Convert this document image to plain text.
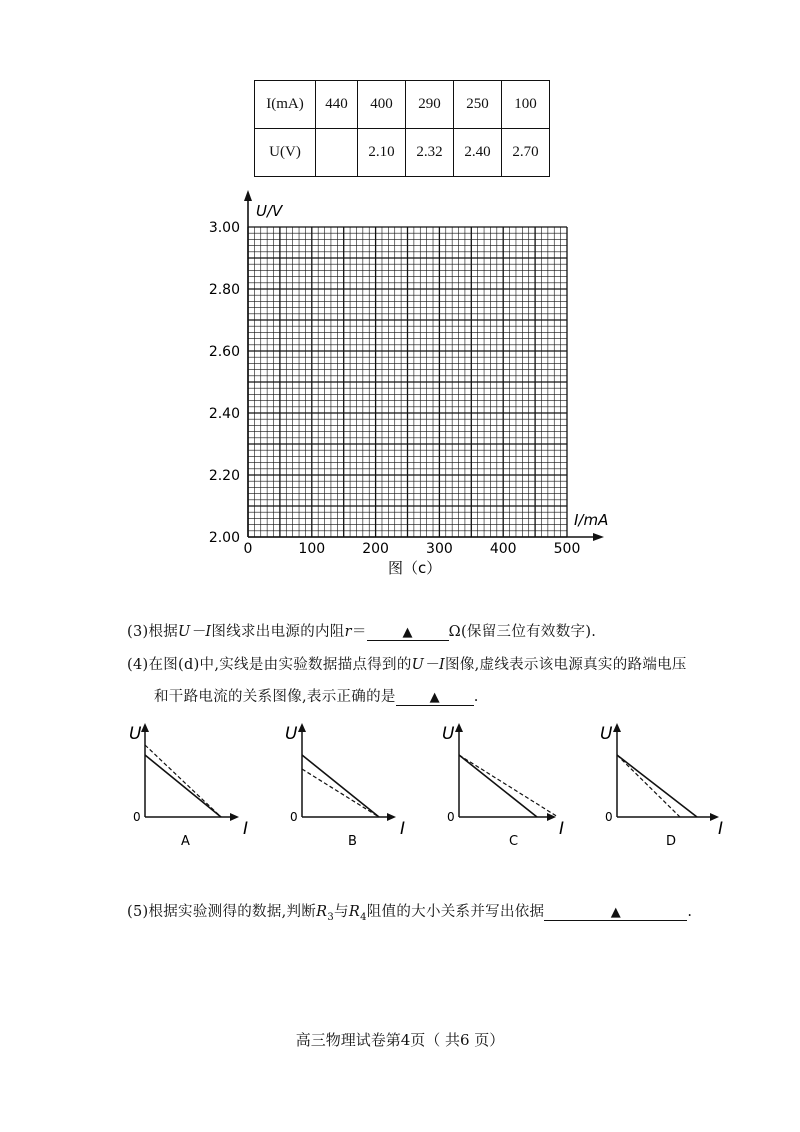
I(mA)	440	400	290	250	100
U(V)		2.10	2.32	2.40	2.70
U/V
I/mA
2.00
2.20
2.40
2.60
2.80
3.00
0	100	200	300	400	500
图（c）
(3)根据U－I图线求出电源的内阻r＝	▲ Ω(保留三位有效数字).
(4)在图(d)中,实线是由实验数据描点得到的U－I图像,虚线表示该电源真实的路端电压
和干路电流的关系图像,表示正确的是	▲ .
U
0
I
A
U
0
I
B
U
0
I
C
U
0
I
D
(5)根据实验测得的数据,判断$R_3$与$R_4$阻值的大小关系并写出依据	▲	.
高三物理试卷第4页（ 共6 页）
